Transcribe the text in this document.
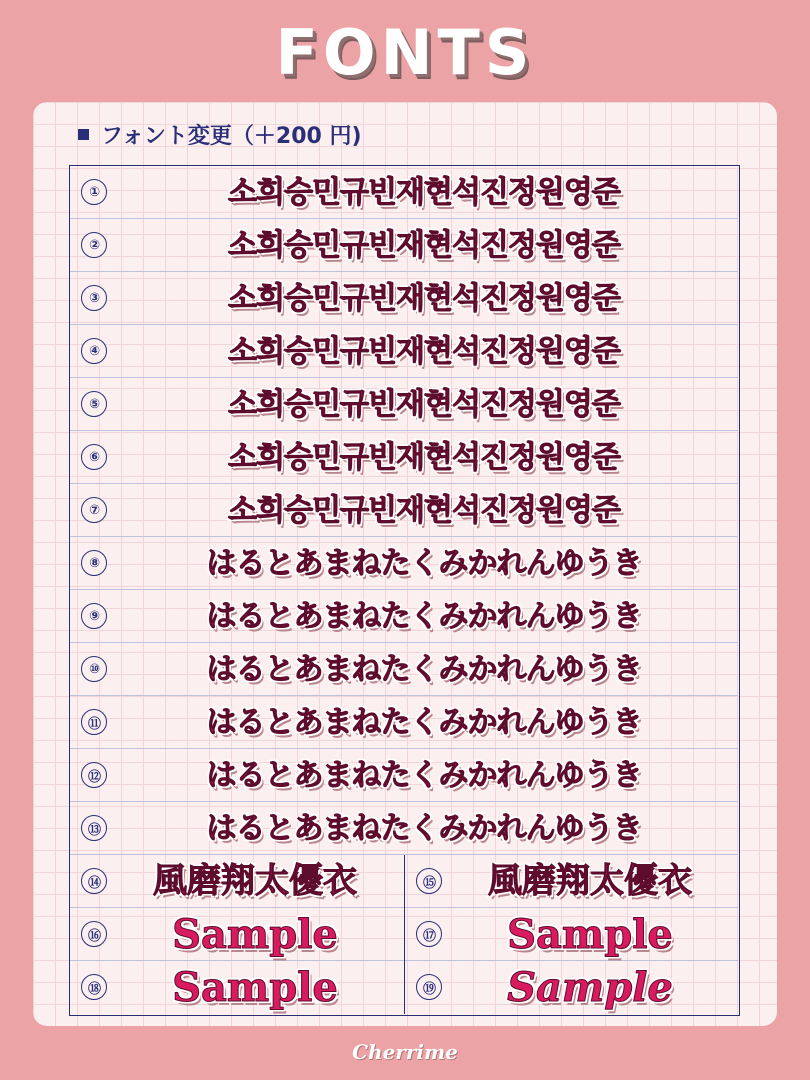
FONTS
フォント変更（＋200 円)
①	소희승민규빈재현석진정원영준
②	소희승민규빈재현석진정원영준
③	소희승민규빈재현석진정원영준
④	소희승민규빈재현석진정원영준
⑤	소희승민규빈재현석진정원영준
⑥	소희승민규빈재현석진정원영준
⑦	소희승민규빈재현석진정원영준
⑧	はるとあまねたくみかれんゆうき
⑨	はるとあまねたくみかれんゆうき
⑩	はるとあまねたくみかれんゆうき
⑪	はるとあまねたくみかれんゆうき
⑫	はるとあまねたくみかれんゆうき
⑬	はるとあまねたくみかれんゆうき
⑭	風磨翔太優衣	⑮	風磨翔太優衣
⑯	Sample	⑰	Sample
⑱	Sample	⑲	Sample
Cherrime
